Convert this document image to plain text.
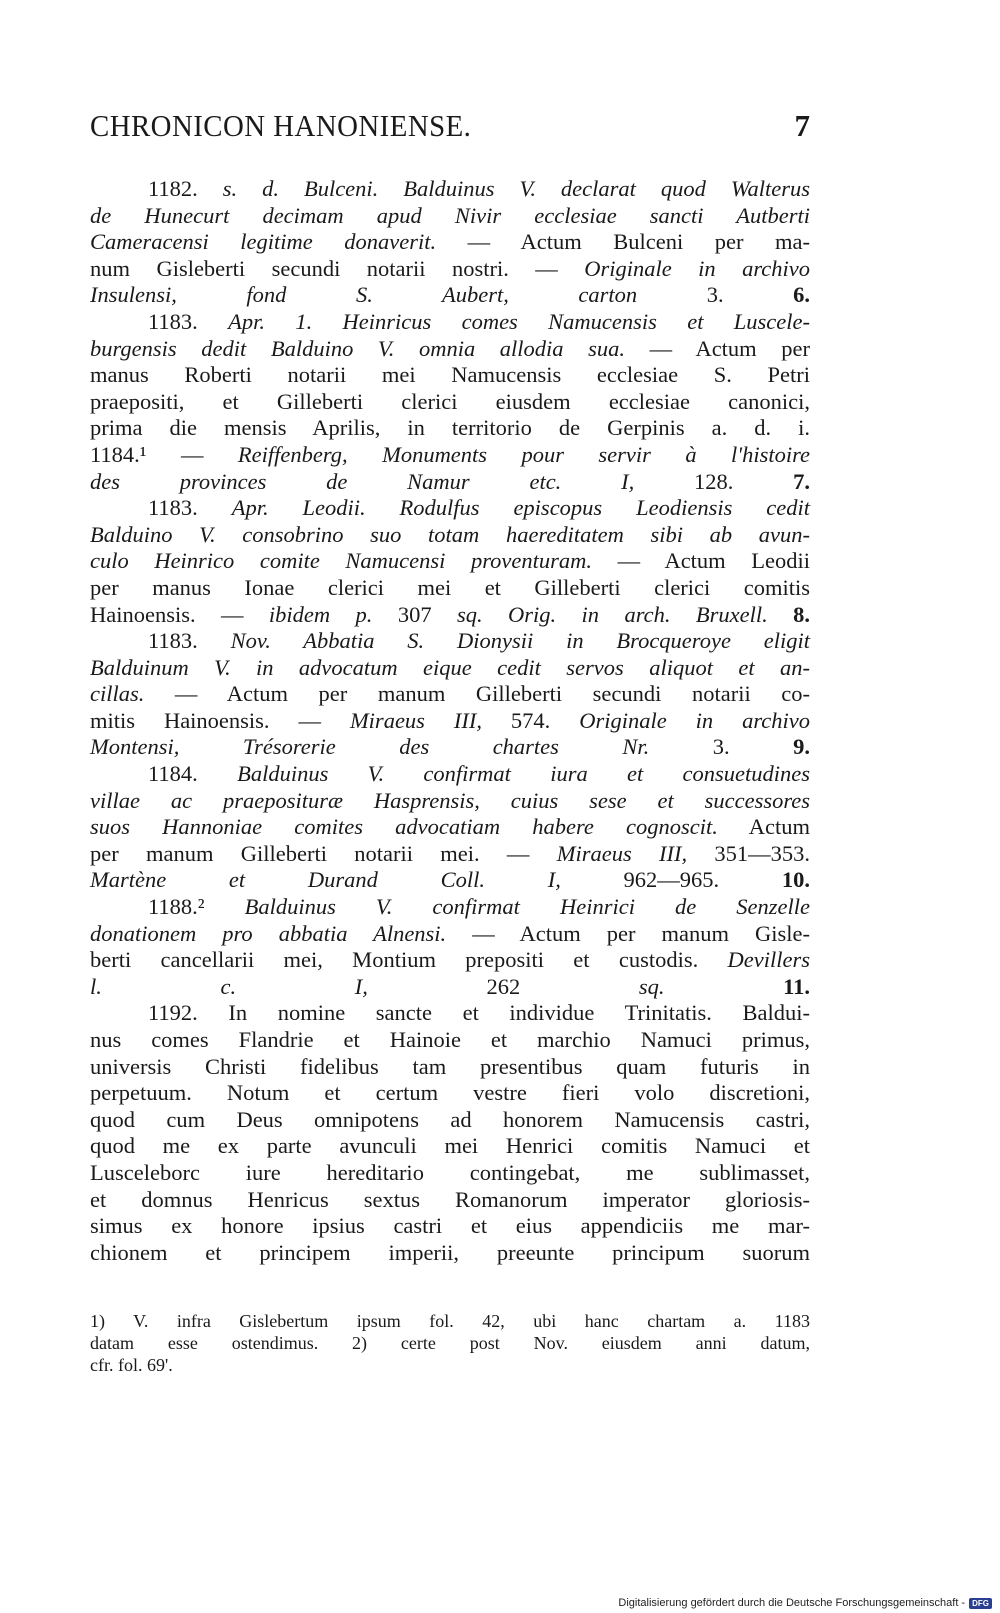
CHRONICON HANONIENSE.	7
1182. s. d. Bulceni. Balduinus V. declarat quod Walterus
de Hunecurt decimam apud Nivir ecclesiae sancti Autberti
Cameracensi legitime donaverit. — Actum Bulceni per ma-
num Gisleberti secundi notarii nostri. — Originale in archivo
Insulensi, fond S. Aubert, carton 3.	6.
1183. Apr. 1. Heinricus comes Namucensis et Luscele-
burgensis dedit Balduino V. omnia allodia sua. — Actum per
manus Roberti notarii mei Namucensis ecclesiae S. Petri
praepositi, et Gilleberti clerici eiusdem ecclesiae canonici,
prima die mensis Aprilis, in territorio de Gerpinis a. d. i.
1184.¹ — Reiffenberg, Monuments pour servir à l'histoire
des provinces de Namur etc. I, 128.	7.
1183. Apr. Leodii. Rodulfus episcopus Leodiensis cedit
Balduino V. consobrino suo totam haereditatem sibi ab avun-
culo Heinrico comite Namucensi proventuram. — Actum Leodii
per manus Ionae clerici mei et Gilleberti clerici comitis
Hainoensis. — ibidem p. 307 sq. Orig. in arch. Bruxell. 8.
1183. Nov. Abbatia S. Dionysii in Brocqueroye eligit
Balduinum V. in advocatum eique cedit servos aliquot et an-
cillas. — Actum per manum Gilleberti secundi notarii co-
mitis Hainoensis. — Miraeus III, 574. Originale in archivo
Montensi, Trésorerie des chartes Nr. 3.	9.
1184. Balduinus V. confirmat iura et consuetudines
villae ac praeposituræ Hasprensis, cuius sese et successores
suos Hannoniae comites advocatiam habere cognoscit. Actum
per manum Gilleberti notarii mei. — Miraeus III, 351—353.
Martène et Durand Coll. I, 962—965.	10.
1188.² Balduinus V. confirmat Heinrici de Senzelle
donationem pro abbatia Alnensi. — Actum per manum Gisle-
berti cancellarii mei, Montium prepositi et custodis. Devillers
l. c. I, 262 sq.	11.
1192. In nomine sancte et individue Trinitatis. Baldui-
nus comes Flandrie et Hainoie et marchio Namuci primus,
universis Christi fidelibus tam presentibus quam futuris in
perpetuum. Notum et certum vestre fieri volo discretioni,
quod cum Deus omnipotens ad honorem Namucensis castri,
quod me ex parte avunculi mei Henrici comitis Namuci et
Lusceleborc iure hereditario contingebat, me sublimasset,
et domnus Henricus sextus Romanorum imperator gloriosis-
simus ex honore ipsius castri et eius appendiciis me mar-
chionem et principem imperii, preeunte principum suorum
1) V. infra Gislebertum ipsum fol. 42, ubi hanc chartam a. 1183
datam esse ostendimus. 2) certe post Nov. eiusdem anni datum,
cfr. fol. 69'.
Digitalisierung gefördert durch die Deutsche Forschungsgemeinschaft - DFG
